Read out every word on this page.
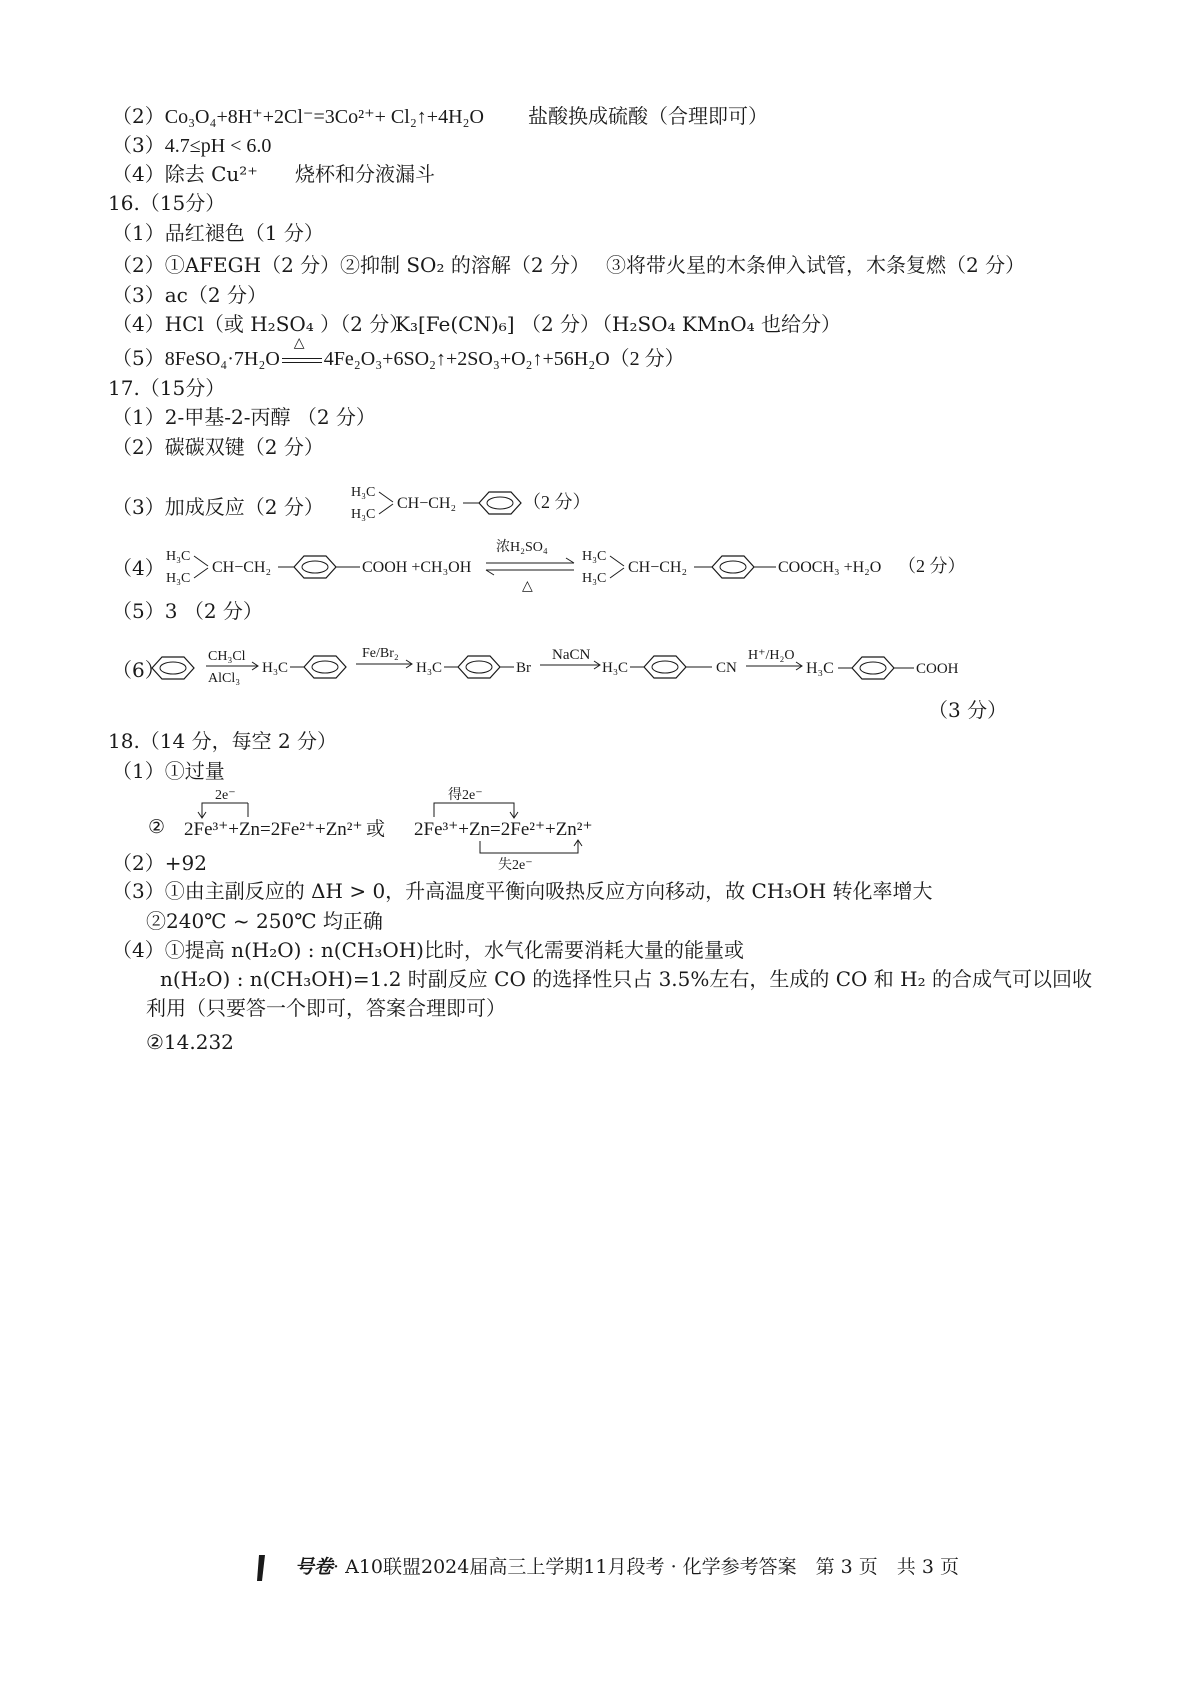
（2）Co₃O₄+8H⁺+2Cl⁻=3Co²⁺+ Cl₂↑+4H₂O 盐酸换成硫酸（合理即可）
（3）4.7≤pH < 6.0
（4）除去 Cu²⁺ 烧杯和分液漏斗
16.（15分）
（1）品红褪色（1 分）
（2）①AFEGH（2 分） ②抑制 SO₂ 的溶解（2 分） ③将带火星的木条伸入试管，木条复燃（2 分）
（3）ac（2 分）
（4）HCl（或 H₂SO₄ ）（2 分）
K₃[Fe(CN)₆] （2 分）
（H₂SO₄ KMnO₄ 也给分）
（5）8FeSO₄·7H₂O
△
4Fe₂O₃+6SO₂↑+2SO₃+O₂↑+56H₂O（2 分）
17.（15分）
（1）2-甲基-2-丙醇 （2 分）
（2）碳碳双键（2 分）
（3）加成反应（2 分）
H₃C
H₃C
CH−CH₂	（2 分）
（4） H₃C
H₃C
CH−CH₂	COOH +CH₃OH
浓H₂SO₄
△
H₃C
H₃C
CH−CH₂	COOCH₃ +H₂O （2 分）
（5）3 （2 分）
（6）
CH₃Cl
AlCl₃
H₃C
Fe/Br₂
H₃C	Br
NaCN
H₃C	CN
H⁺/H₂O
H₃C	COOH
（3 分）
18.（14 分，每空 2 分）
（1）①过量
②
2e⁻
2Fe³⁺+Zn=2Fe²⁺+Zn²⁺ 或
得2e⁻
2Fe³⁺+Zn=2Fe²⁺+Zn²⁺
失2e⁻
（2）+92
（3）①由主副反应的 ΔH > 0，升高温度平衡向吸热反应方向移动，故 CH₃OH 转化率增大
②240℃ ~ 250℃ 均正确
（4）①提高 n(H₂O) : n(CH₃OH)比时，水气化需要消耗大量的能量或
n(H₂O) : n(CH₃OH)=1.2 时副反应 CO 的选择性只占 3.5%左右，生成的 CO 和 H₂ 的合成气可以回收
利用（只要答一个即可，答案合理即可）
②14.232
号卷· A10联盟2024届高三上学期11月段考 · 化学参考答案　第 3 页　共 3 页
